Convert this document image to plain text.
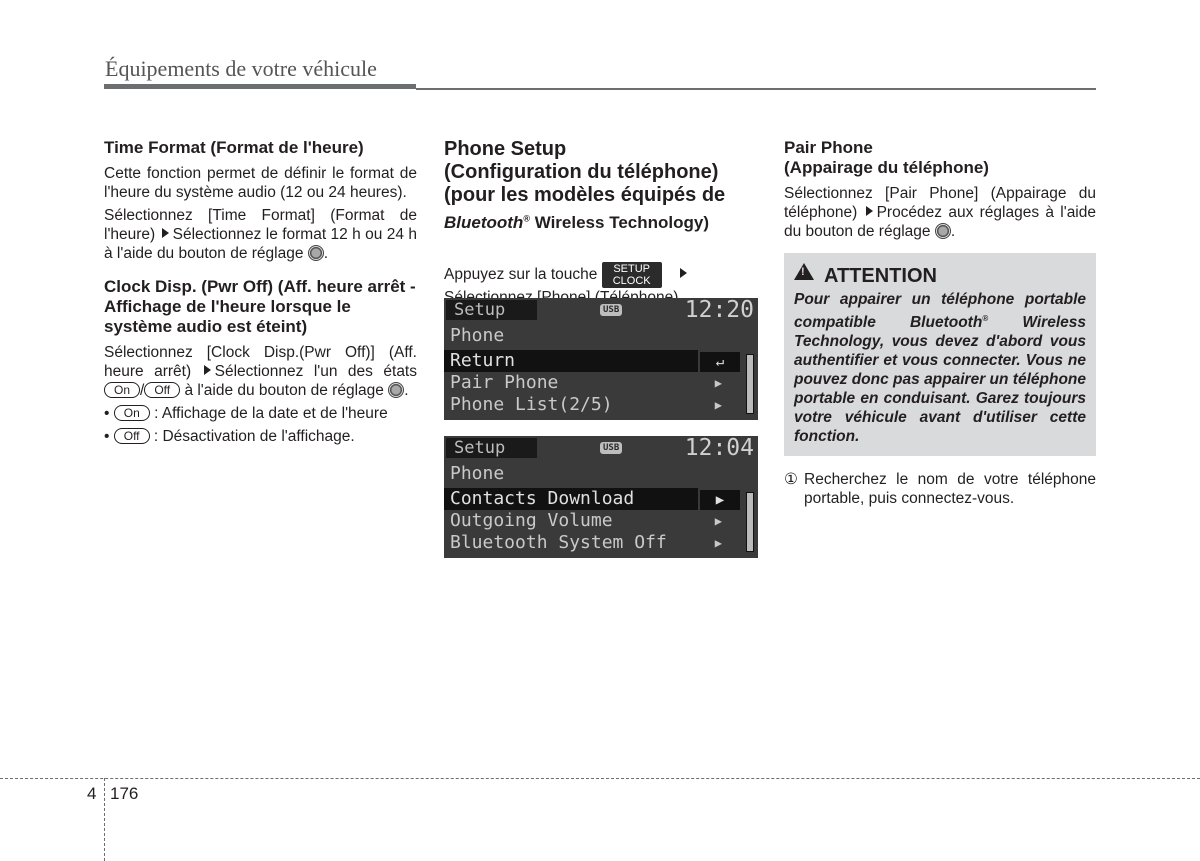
Équipements de votre véhicule
Time Format (Format de l'heure)

Cette fonction permet de définir le format de l'heure du système audio (12 ou 24 heures).

Sélectionnez [Time Format] (Format de l'heure) Sélectionnez le format 12 h ou 24 h à l'aide du bouton de réglage .

Clock Disp. (Pwr Off) (Aff. heure arrêt - Affichage de l'heure lorsque le système audio est éteint)

Sélectionnez [Clock Disp.(Pwr Off)] (Aff. heure arrêt) Sélectionnez l'un des états On / Off à l'aide du bouton de réglage .

• On : Affichage de la date et de l'heure
• Off : Désactivation de l'affichage.
Phone Setup
(Configuration du téléphone)
(pour les modèles équipés de
Bluetooth® Wireless Technology)

Appuyez sur la touche SETUP
CLOCK

Setup	USB	12:20
Phone
Return	↵
Pair Phone	▶
Phone List(2/5)	▶
Setup	USB	12:04
Phone
Contacts Download	▶
Outgoing Volume	▶
Bluetooth System Off	▶
Pair Phone
(Appairage du téléphone)

Sélectionnez [Pair Phone] (Appairage du téléphone) Procédez aux réglages à l'aide du bouton de réglage .

!ATTENTION
Pour appairer un téléphone portable compatible Bluetooth® Wireless Technology, vous devez d'abord vous authentifier et vous connecter. Vous ne pouvez donc pas appairer un téléphone portable en conduisant. Garez toujours votre véhicule avant d'utiliser cette fonction.
① Recherchez le nom de votre téléphone portable, puis connectez-vous.
4 176
